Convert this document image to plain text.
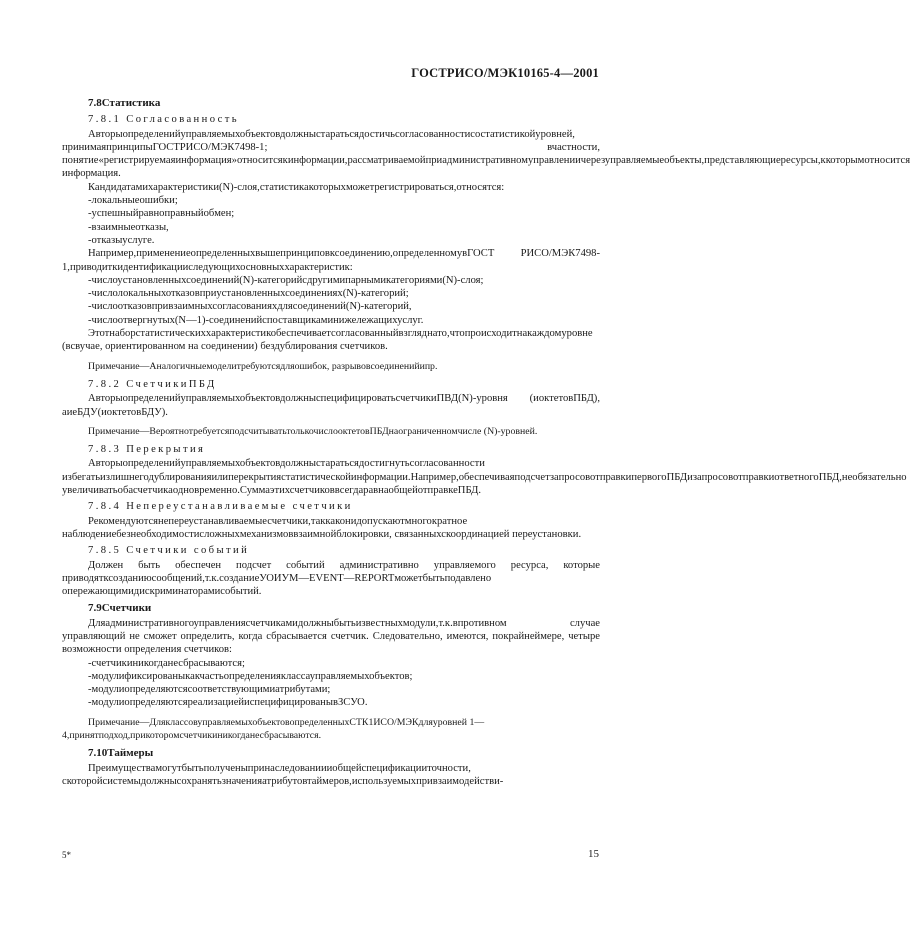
ГОСТРИСО/МЭК10165-4—2001
7.8Статистика
7.8.1 Согласованность

Авторыопределенийуправляемыхобъектовдолжныстаратьсядостичьсогласованностисостатистикойуровней, принимаяпринципыГОСТРИСО/МЭК7498-1; вчастности, понятие«регистрируемаяинформация»относитсякинформации,рассматриваемойприадминистративномуправлениичерезуправляемыеобъекты,представляющиересурсы,ккоторымотносится информация.

Кандидатамихарактеристики(N)-слоя,статистикакоторыхможетрегистрироваться,относятся:

-локальныеошибки;
-успешныйравноправныйобмен;
-взаимныеотказы,
-отказыуслуге.

Например,применениеопределенныхвышепринциповксоединению,определенномувГОСТ РИСО/МЭК7498-1,приводиткидентификацииследующихосновныххарактеристик:

-числоустановленныхсоединений(N)-категорийсдругимипарнымикатегориями(N)-слоя;
-числолокальныхотказовприустановленныхсоединениях(N)-категорий;
-числоотказовпривзаимныхсогласованияхдлясоединений(N)-категорий,
-числоотвергнутых(N—1)-соединенийспоставщикаминижележащихуслуг.

Этотнаборстатистическиххарактеристикобеспечиваетсогласованныйвзгляднато,чтопроисходитнакаждомуровне (всвучае, ориентированном на соединении) бездублирования счетчиков.

Примечание—Аналогичныемоделитребуютсядляошибок, разрывовсоединенийипр.
7.8.2 СчетчикиПБД

АвторыопределенийуправляемыхобъектовдолжныспецифицироватьсчетчикиПВД(N)-уровня (иоктетовПБД), аиеБДУ(иоктетовБДУ).

Примечание—ВероятнотребуетсяподсчитыватьтолькочислооктетовПБДнаограниченномчисле (N)-уровней.
7.8.3 Перекрытия

Авторыопределенийуправляемыхобъектовдолжныстаратьсядостигнутьсогласованности избегатьизлишнегодублированияилиперекрытиястатистическойинформации.Например,обеспечиваяподсчетзапросовотправкипервогоПБДизапросовотправкиответногоПБД,необязательно увеличиватьобасчетчикаодновременно.СуммаэтихсчетчиковвсегдаравнаобщейотправкеПБД.

7.8.4 Непереустанавливаемые счетчики

Рекомендуютсянепереустанавливаемыесчетчики,таккаконидопускаютмногократное наблюдениебезнеобходимостисложныхмеханизмоввзаимнойблокировки, связанныхскоординацией переустановки.

7.8.5 Счетчики событий

Должен быть обеспечен подсчет событий административно управляемого ресурса, которые приводятксозданиюсообщений,т.к.созданиеУОИУМ—EVENT—REPORTможетбытьподавлено опережающимидискриминаторамисобытий.

7.9Счетчики

Дляадминистративногоуправлениясчетчикамидолжныбытьизвестныхмодули,т.к.впротивном случае управляющий не сможет определить, когда сбрасывается счетчик. Следовательно, имеются, покрайнеймере, четыре возможности определения счетчиков:

-счетчикиникогданесбрасываются;
-модулификсированыкакчастьопределенияклассауправляемыхобъектов;
-модулиопределяютсясоответствующимиатрибутами;
-модулиопределяютсяреализациейиспецифицированывЗСУО.
Примечание—ДляклассовуправляемыхобъектовопределенныхСТК1ИСО/МЭКдляуровней 1—4,принятподход,прикоторомсчетчикиникогданесбрасываются.
7.10Таймеры

Преимуществамогутбытьполученыпринаследованиииобщейспецификацииточности, скоторойсистемыдолжнысохранятьзначенияатрибутовтаймеров,используемыхпривзаимодействи-

5*	15
